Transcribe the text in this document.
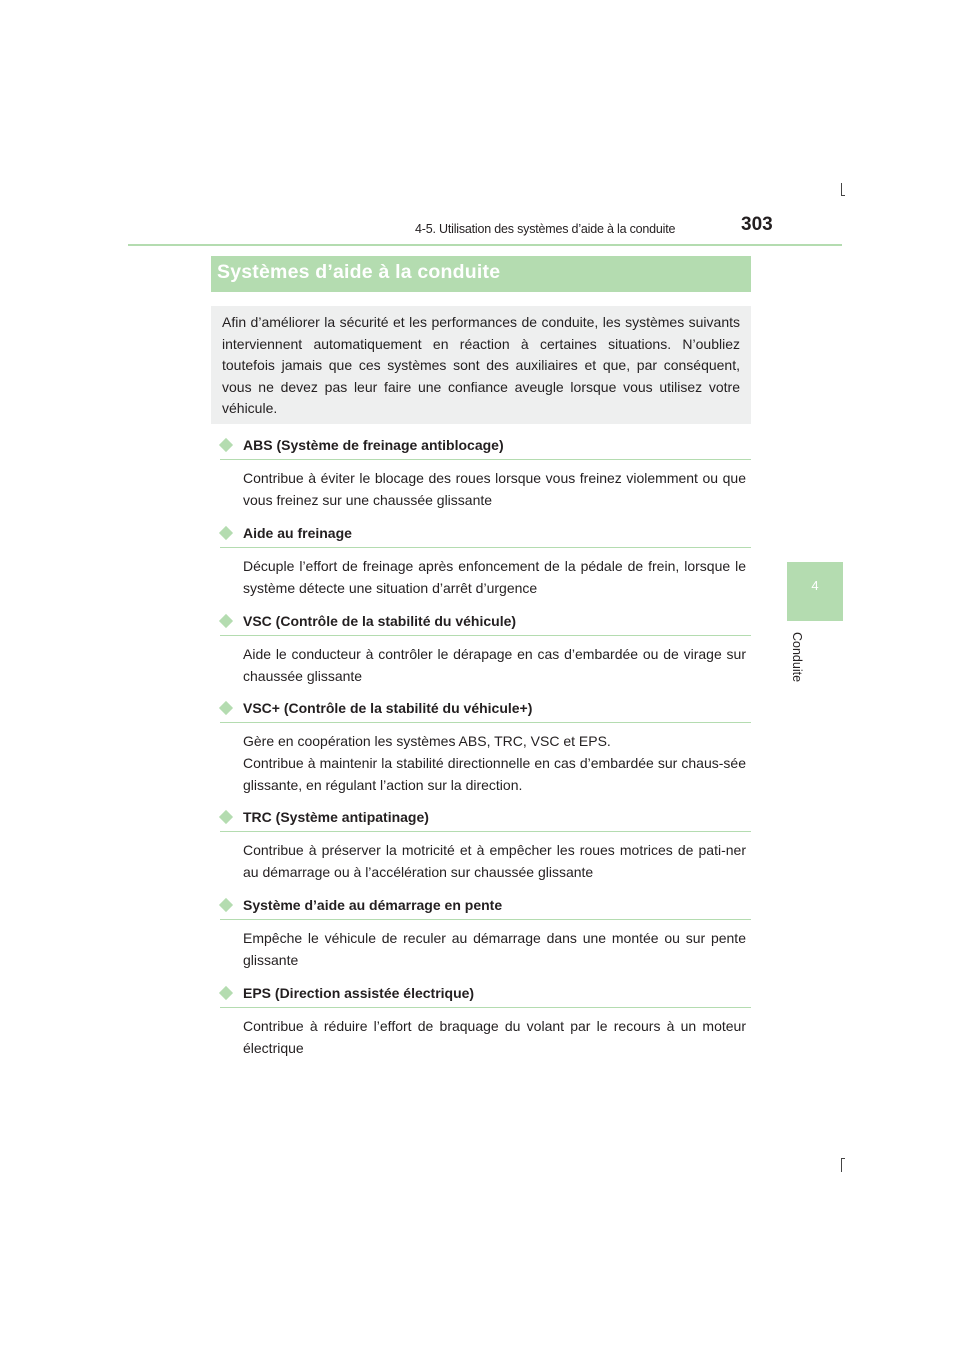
4-5. Utilisation des systèmes d’aide à la conduite	303
4
Conduite
Systèmes d’aide à la conduite

Afin d’améliorer la sécurité et les performances de conduite, les systèmes suivants interviennent automatiquement en réaction à certaines situations. N’oubliez toutefois jamais que ces systèmes sont des auxiliaires et que, par conséquent, vous ne devez pas leur faire une confiance aveugle lorsque vous utilisez votre véhicule.

ABS (Système de freinage antiblocage)

Contribue à éviter le blocage des roues lorsque vous freinez violemment ou que vous freinez sur une chaussée glissante

Aide au freinage

Décuple l’effort de freinage après enfoncement de la pédale de frein, lorsque le système détecte une situation d’arrêt d’urgence

VSC (Contrôle de la stabilité du véhicule)

Aide le conducteur à contrôler le dérapage en cas d’embardée ou de virage sur chaussée glissante

VSC+ (Contrôle de la stabilité du véhicule+)

Gère en coopération les systèmes ABS, TRC, VSC et EPS.
Contribue à maintenir la stabilité directionnelle en cas d’embardée sur chaus-sée glissante, en régulant l’action sur la direction.

TRC (Système antipatinage)

Contribue à préserver la motricité et à empêcher les roues motrices de pati-ner au démarrage ou à l’accélération sur chaussée glissante

Système d’aide au démarrage en pente

Empêche le véhicule de reculer au démarrage dans une montée ou sur pente glissante

EPS (Direction assistée électrique)

Contribue à réduire l’effort de braquage du volant par le recours à un moteur électrique
